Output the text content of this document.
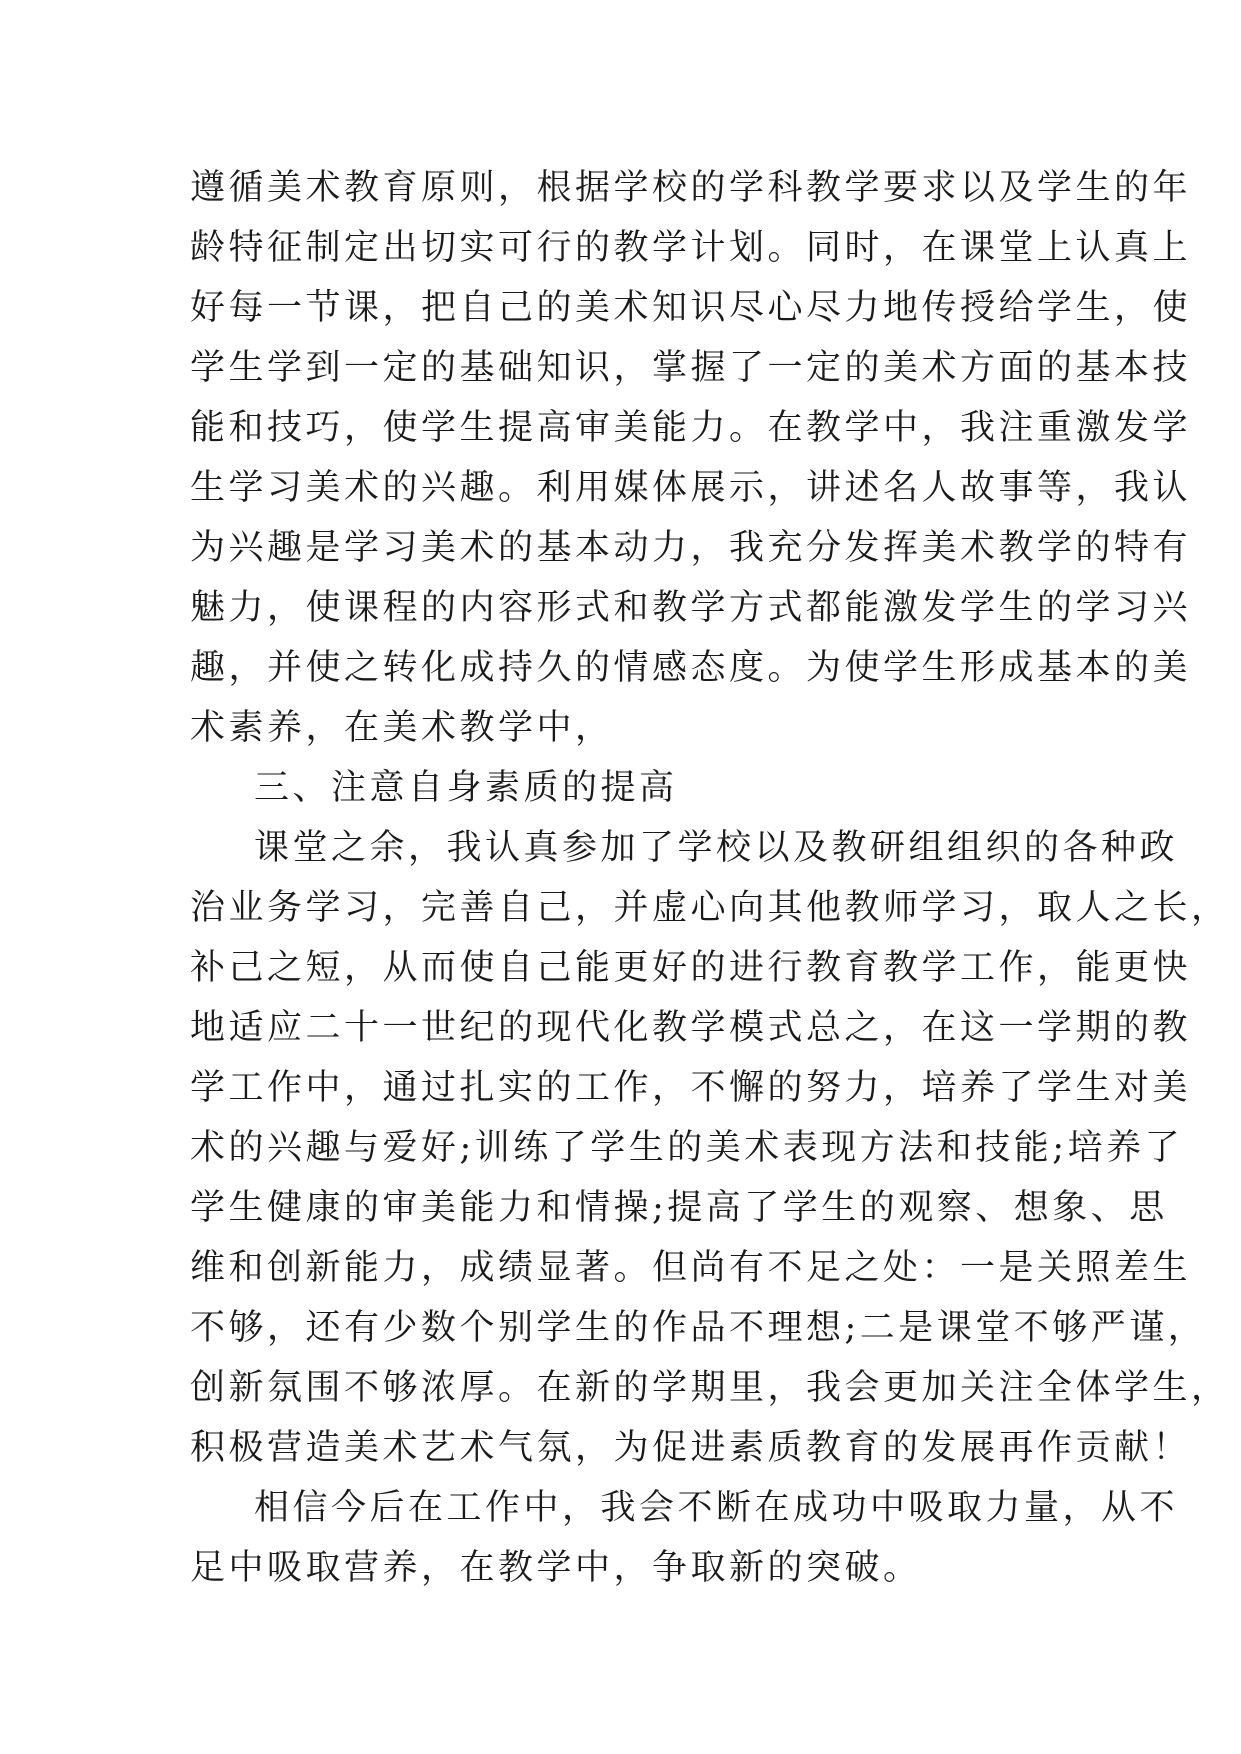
遵循美术教育原则，根据学校的学科教学要求以及学生的年
龄特征制定出切实可行的教学计划。同时，在课堂上认真上
好每一节课，把自己的美术知识尽心尽力地传授给学生，使
学生学到一定的基础知识，掌握了一定的美术方面的基本技
能和技巧，使学生提高审美能力。在教学中，我注重激发学
生学习美术的兴趣。利用媒体展示，讲述名人故事等，我认
为兴趣是学习美术的基本动力，我充分发挥美术教学的特有
魅力，使课程的内容形式和教学方式都能激发学生的学习兴
趣，并使之转化成持久的情感态度。为使学生形成基本的美
术素养，在美术教学中，
三、注意自身素质的提高
课堂之余，我认真参加了学校以及教研组组织的各种政
治业务学习，完善自己，并虚心向其他教师学习，取人之长，
补己之短，从而使自己能更好的进行教育教学工作，能更快
地适应二十一世纪的现代化教学模式总之，在这一学期的教
学工作中，通过扎实的工作，不懈的努力，培养了学生对美
术的兴趣与爱好;训练了学生的美术表现方法和技能;培养了
学生健康的审美能力和情操;提高了学生的观察、想象、思
维和创新能力，成绩显著。但尚有不足之处：一是关照差生
不够，还有少数个别学生的作品不理想;二是课堂不够严谨，
创新氛围不够浓厚。在新的学期里，我会更加关注全体学生，
积极营造美术艺术气氛，为促进素质教育的发展再作贡献！
相信今后在工作中，我会不断在成功中吸取力量，从不
足中吸取营养，在教学中，争取新的突破。
